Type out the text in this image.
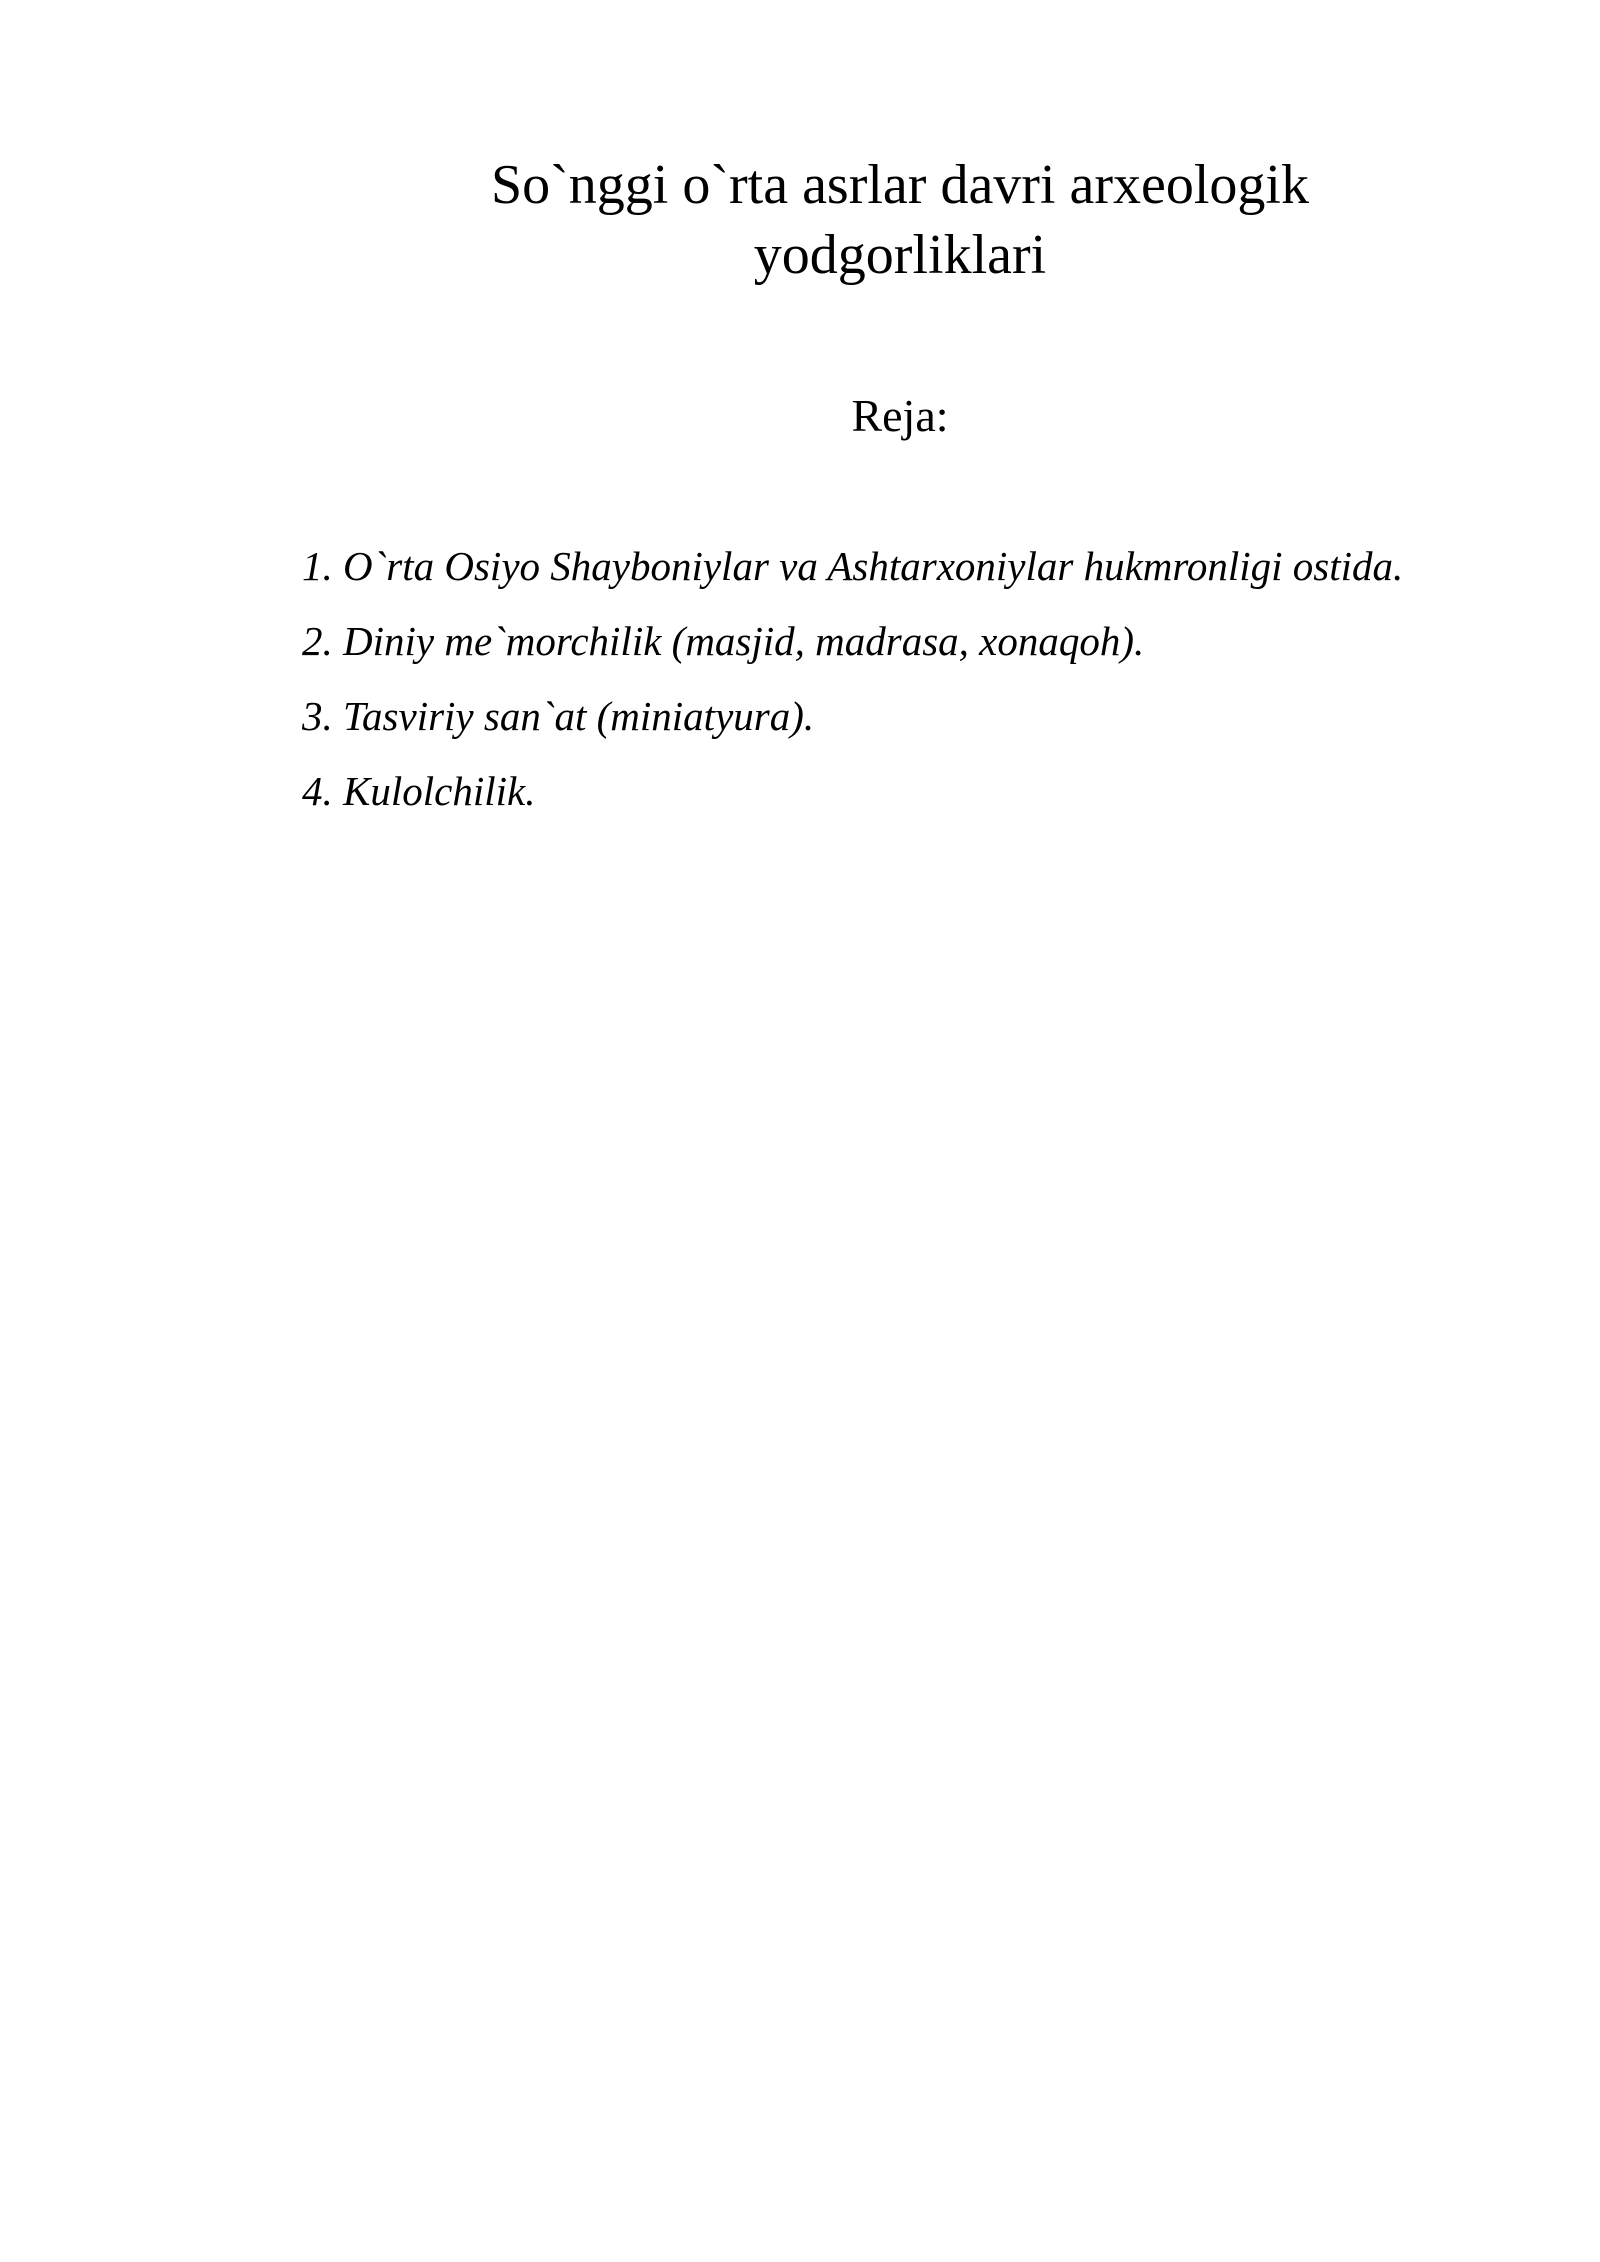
So`nggi o`rta asrlar davri arxeologik
yodgorliklari

Reja:

1. O`rta Osiyo Shayboniylar va Ashtarxoniylar hukmronligi ostida.
2. Diniy me`morchilik (masjid, madrasa, xonaqoh).
3. Tasviriy san`at (miniatyura).
4. Kulolchilik.
